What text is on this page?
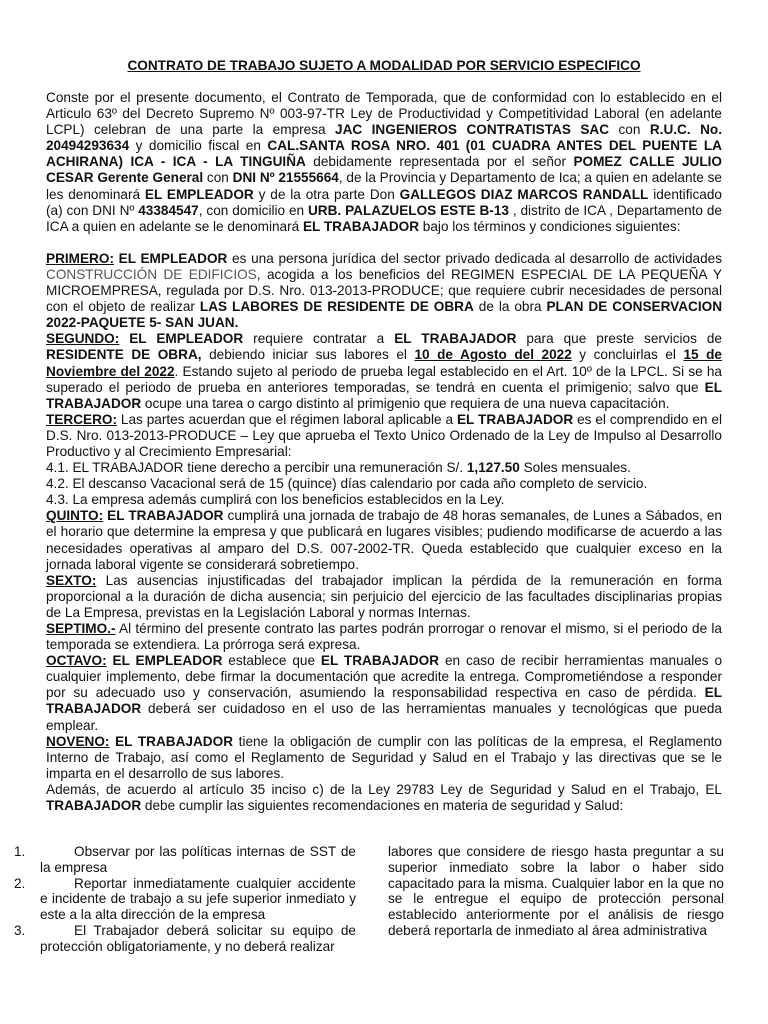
CONTRATO DE TRABAJO SUJETO A MODALIDAD POR SERVICIO ESPECIFICO

Conste por el presente documento, el Contrato de Temporada, que de conformidad con lo establecido en el Articulo 63º del Decreto Supremo Nº 003-97-TR Ley de Productividad y Competitividad Laboral (en adelante LCPL) celebran de una parte la empresa JAC INGENIEROS CONTRATISTAS SAC con R.U.C. No. 20494293634 y domicilio fiscal en CAL.SANTA ROSA NRO. 401 (01 CUADRA ANTES DEL PUENTE LA ACHIRANA) ICA - ICA - LA TINGUIÑA debidamente representada por el señor POMEZ CALLE JULIO CESAR Gerente General con DNI Nº 21555664, de la Provincia y Departamento de Ica; a quien en adelante se les denominará EL EMPLEADOR y de la otra parte Don GALLEGOS DIAZ MARCOS RANDALL identificado (a) con DNI Nº 43384547, con domicilio en URB. PALAZUELOS ESTE B-13 , distrito de ICA , Departamento de ICA a quien en adelante se le denominará EL TRABAJADOR bajo los términos y condiciones siguientes:

PRIMERO: EL EMPLEADOR es una persona jurídica del sector privado dedicada al desarrollo de actividades CONSTRUCCIÓN DE EDIFICIOS, acogida a los beneficios del REGIMEN ESPECIAL DE LA PEQUEÑA Y MICROEMPRESA, regulada por D.S. Nro. 013-2013-PRODUCE; que requiere cubrir necesidades de personal con el objeto de realizar LAS LABORES DE RESIDENTE DE OBRA de la obra PLAN DE CONSERVACION 2022-PAQUETE 5- SAN JUAN.

SEGUNDO: EL EMPLEADOR requiere contratar a EL TRABAJADOR para que preste servicios de RESIDENTE DE OBRA, debiendo iniciar sus labores el 10 de Agosto del 2022 y concluirlas el 15 de Noviembre del 2022. Estando sujeto al periodo de prueba legal establecido en el Art. 10º de la LPCL. Si se ha superado el periodo de prueba en anteriores temporadas, se tendrá en cuenta el primigenio; salvo que EL TRABAJADOR ocupe una tarea o cargo distinto al primigenio que requiera de una nueva capacitación.

TERCERO: Las partes acuerdan que el régimen laboral aplicable a EL TRABAJADOR es el comprendido en el D.S. Nro. 013-2013-PRODUCE – Ley que aprueba el Texto Unico Ordenado de la Ley de Impulso al Desarrollo Productivo y al Crecimiento Empresarial:

4.1. EL TRABAJADOR tiene derecho a percibir una remuneración S/. 1,127.50 Soles mensuales.

4.2. El descanso Vacacional será de 15 (quince) días calendario por cada año completo de servicio.

4.3. La empresa además cumplirá con los beneficios establecidos en la Ley.

QUINTO: EL TRABAJADOR cumplirá una jornada de trabajo de 48 horas semanales, de Lunes a Sábados, en el horario que determine la empresa y que publicará en lugares visibles; pudiendo modificarse de acuerdo a las necesidades operativas al amparo del D.S. 007-2002-TR. Queda establecido que cualquier exceso en la jornada laboral vigente se considerará sobretiempo.

SEXTO: Las ausencias injustificadas del trabajador implican la pérdida de la remuneración en forma proporcional a la duración de dicha ausencia; sin perjuicio del ejercicio de las facultades disciplinarias propias de La Empresa, previstas en la Legislación Laboral y normas Internas.

SEPTIMO.- Al término del presente contrato las partes podrán prorrogar o renovar el mismo, si el periodo de la temporada se extendiera. La prórroga será expresa.

OCTAVO: EL EMPLEADOR establece que EL TRABAJADOR en caso de recibir herramientas manuales o cualquier implemento, debe firmar la documentación que acredite la entrega. Comprometiéndose a responder por su adecuado uso y conservación, asumiendo la responsabilidad respectiva en caso de pérdida. EL TRABAJADOR deberá ser cuidadoso en el uso de las herramientas manuales y tecnológicas que pueda emplear.

NOVENO: EL TRABAJADOR tiene la obligación de cumplir con las políticas de la empresa, el Reglamento Interno de Trabajo, así como el Reglamento de Seguridad y Salud en el Trabajo y las directivas que se le imparta en el desarrollo de sus labores.

Además, de acuerdo al artículo 35 inciso c) de la Ley 29783 Ley de Seguridad y Salud en el Trabajo, EL TRABAJADOR debe cumplir las siguientes recomendaciones en materia de seguridad y Salud:

1.	Observar por las políticas internas de SST de la empresa
2.	Reportar inmediatamente cualquier accidente e incidente de trabajo a su jefe superior inmediato y este a la alta dirección de la empresa
3.	El Trabajador deberá solicitar su equipo de protección obligatoriamente, y no deberá realizar
labores que considere de riesgo hasta preguntar a su superior inmediato sobre la labor o haber sido capacitado para la misma. Cualquier labor en la que no se le entregue el equipo de protección personal establecido anteriormente por el análisis de riesgo deberá reportarla de inmediato al área administrativa
